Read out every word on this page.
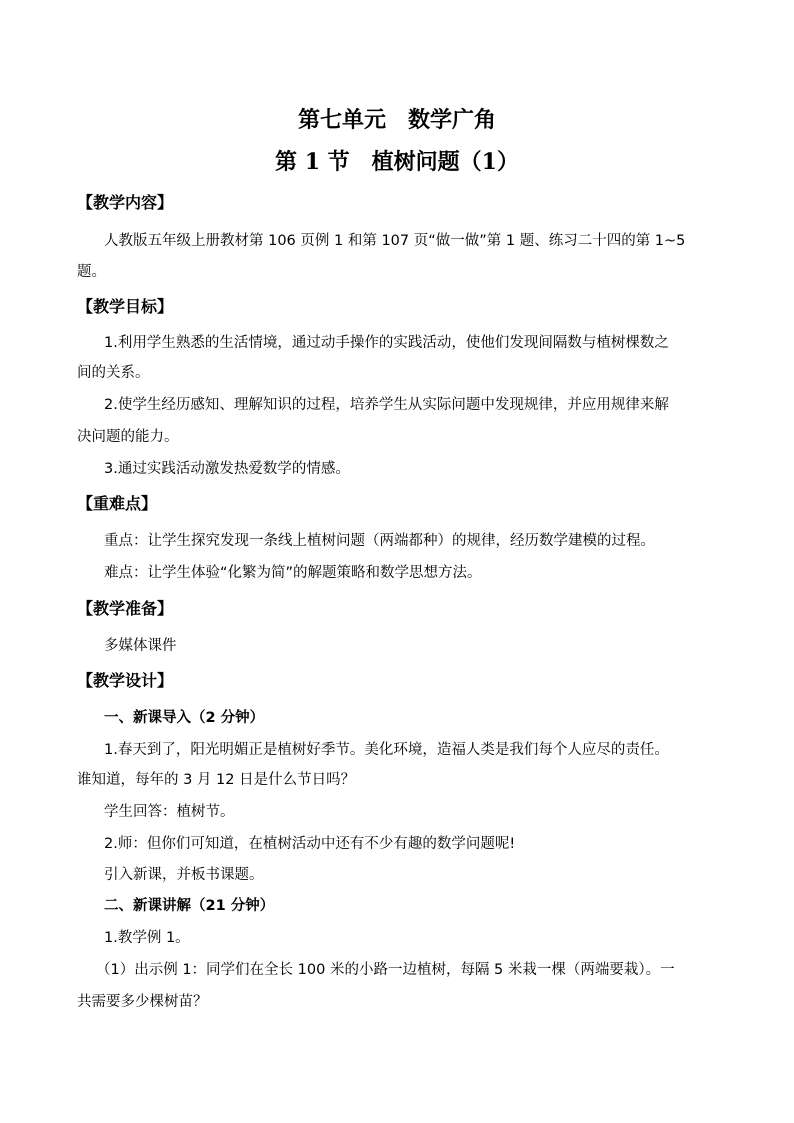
第七单元　数学广角
第 1 节　植树问题（1）
【教学内容】
人教版五年级上册教材第 106 页例 1 和第 107 页“做一做”第 1 题、练习二十四的第 1~5
题。
【教学目标】
1.利用学生熟悉的生活情境，通过动手操作的实践活动，使他们发现间隔数与植树棵数之
间的关系。
2.使学生经历感知、理解知识的过程，培养学生从实际问题中发现规律，并应用规律来解
决问题的能力。
3.通过实践活动激发热爱数学的情感。
【重难点】
重点：让学生探究发现一条线上植树问题（两端都种）的规律，经历数学建模的过程。
难点：让学生体验“化繁为简”的解题策略和数学思想方法。
【教学准备】
多媒体课件
【教学设计】
一、新课导入（2 分钟）
1.春天到了，阳光明媚正是植树好季节。美化环境，造福人类是我们每个人应尽的责任。
谁知道，每年的 3 月 12 日是什么节日吗？
学生回答：植树节。
2.师：但你们可知道，在植树活动中还有不少有趣的数学问题呢!
引入新课，并板书课题。
二、新课讲解（21 分钟）
1.教学例 1。
（1）出示例 1：同学们在全长 100 米的小路一边植树，每隔 5 米栽一棵（两端要栽）。一
共需要多少棵树苗？
